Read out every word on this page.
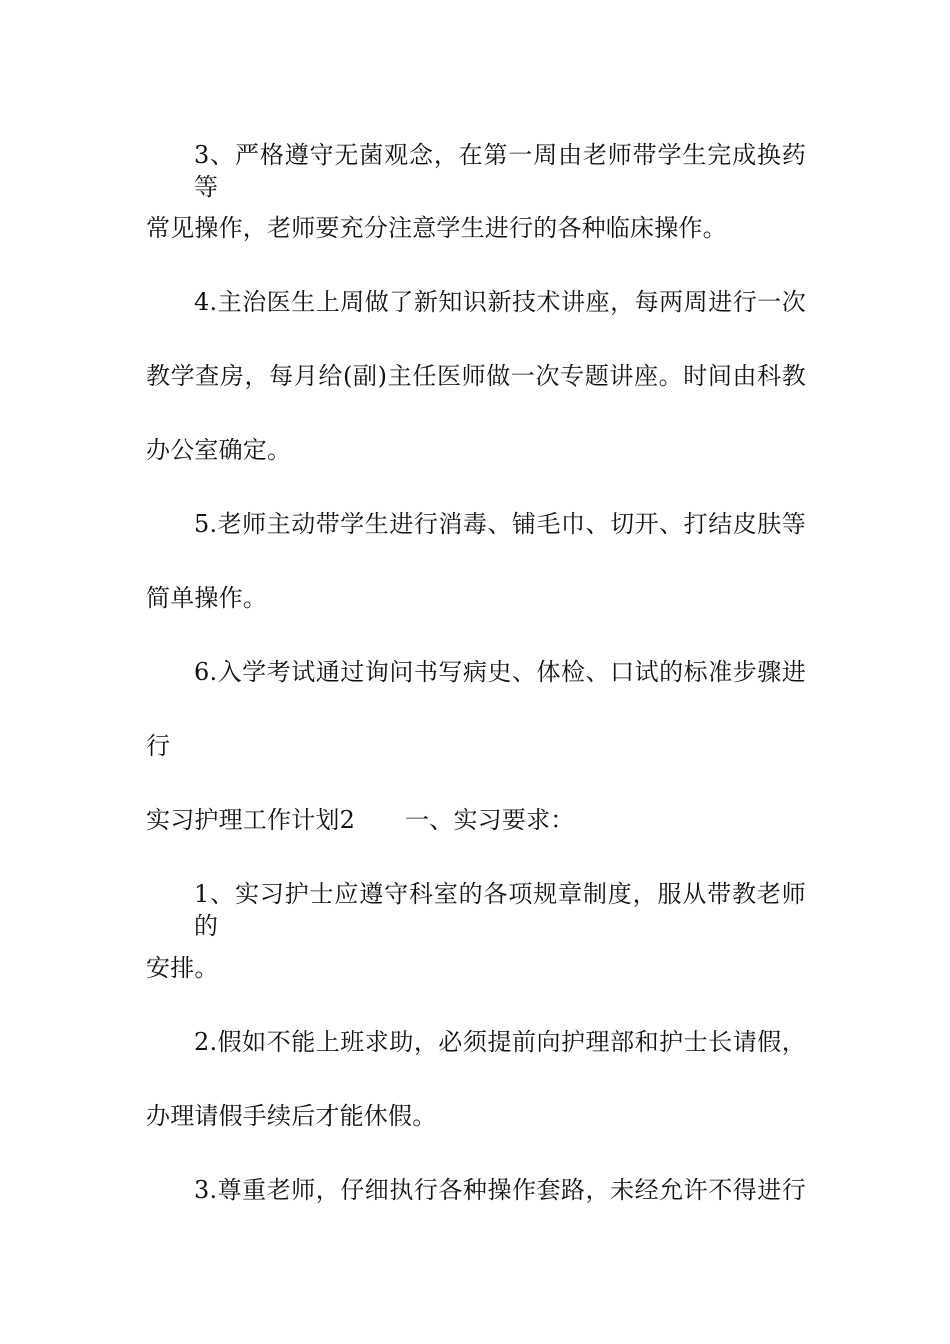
3、严格遵守无菌观念，在第一周由老师带学生完成换药等
常见操作，老师要充分注意学生进行的各种临床操作。
4.主治医生上周做了新知识新技术讲座，每两周进行一次
教学查房，每月给(副)主任医师做一次专题讲座。时间由科教
办公室确定。
5.老师主动带学生进行消毒、铺毛巾、切开、打结皮肤等
简单操作。
6.入学考试通过询问书写病史、体检、口试的标准步骤进
行
实习护理工作计划2 一、实习要求：
1、实习护士应遵守科室的各项规章制度，服从带教老师的
安排。
2.假如不能上班求助，必须提前向护理部和护士长请假，
办理请假手续后才能休假。
3.尊重老师，仔细执行各种操作套路，未经允许不得进行
